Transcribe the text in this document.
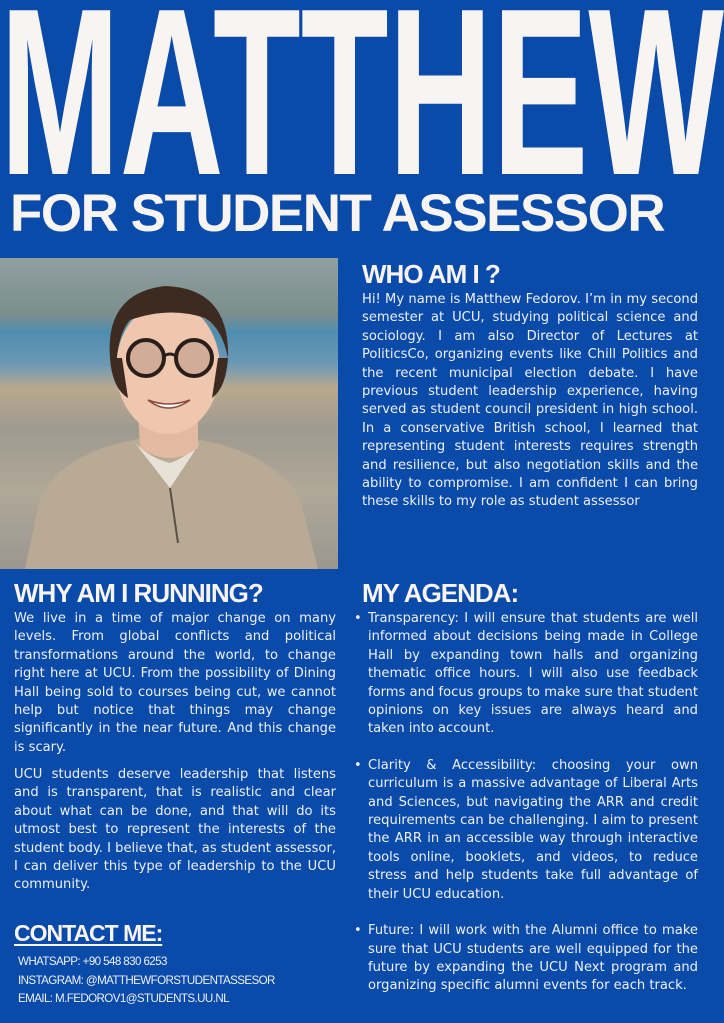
MATTHEW
FOR STUDENT ASSESSOR
WHO AM I ?

Hi! My name is Matthew Fedorov. I’m in my second semester at UCU, studying political science and sociology. I am also Director of Lectures at PoliticsCo, organizing events like Chill Politics and the recent municipal election debate. I have previous student leadership experience, having served as student council president in high school. In a conservative British school, I learned that representing student interests requires strength and resilience, but also negotiation skills and the ability to compromise. I am confident I can bring these skills to my role as student assessor

WHY AM I RUNNING?

We live in a time of major change on many levels. From global conflicts and political transformations around the world, to change right here at UCU. From the possibility of Dining Hall being sold to courses being cut, we cannot help but notice that things may change significantly in the near future. And this change is scary.

UCU students deserve leadership that listens and is transparent, that is realistic and clear about what can be done, and that will do its utmost best to represent the interests of the student body. I believe that, as student assessor, I can deliver this type of leadership to the UCU community.

MY AGENDA:
• Transparency: I will ensure that students are well informed about decisions being made in College Hall by expanding town halls and organizing thematic office hours. I will also use feedback forms and focus groups to make sure that student opinions on key issues are always heard and taken into account.
• Clarity & Accessibility: choosing your own curriculum is a massive advantage of Liberal Arts and Sciences, but navigating the ARR and credit requirements can be challenging. I aim to present the ARR in an accessible way through interactive tools online, booklets, and videos, to reduce stress and help students take full advantage of their UCU education.
• Future: I will work with the Alumni office to make sure that UCU students are well equipped for the future by expanding the UCU Next program and organizing specific alumni events for each track.
CONTACT ME:
WHATSAPP: +90 548 830 6253
INSTAGRAM: @MATTHEWFORSTUDENTASSESOR
EMAIL: M.FEDOROV1@STUDENTS.UU.NL
